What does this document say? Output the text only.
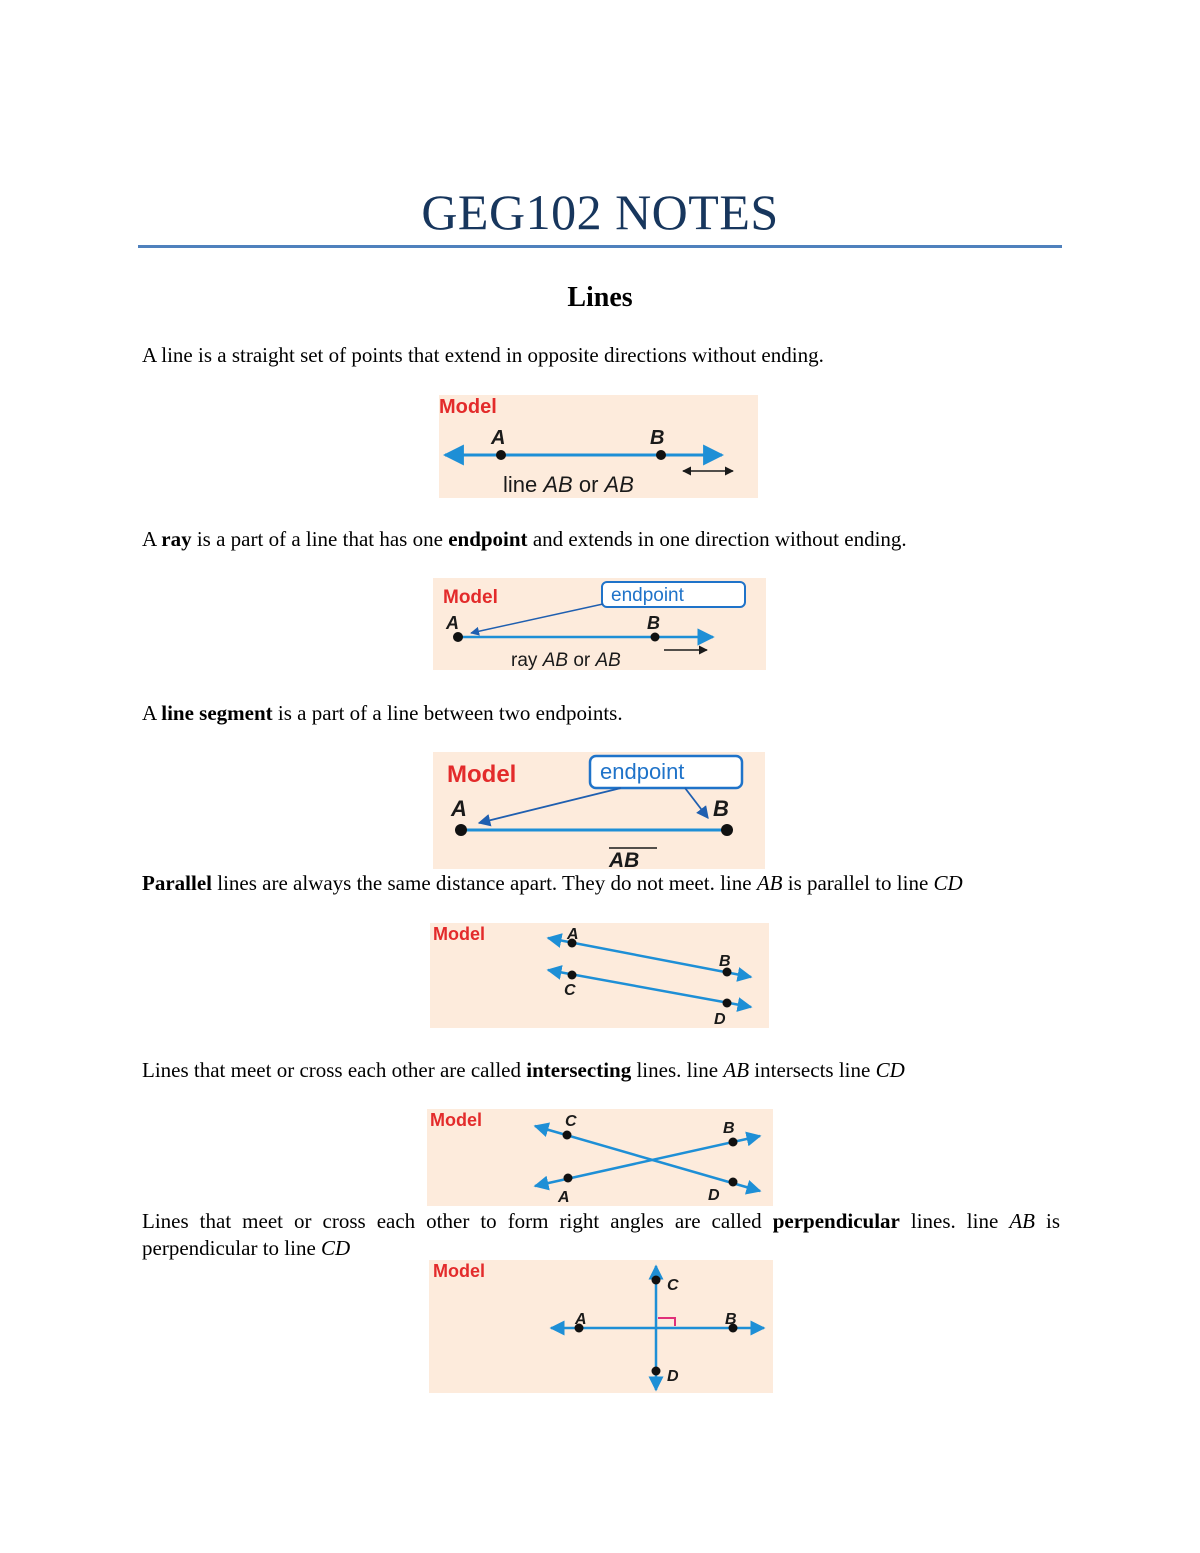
GEG102 NOTES
Lines

A line is a straight set of points that extend in opposite directions without ending.

Model
A	B
line AB or AB

A ray is a part of a line that has one endpoint and extends in one direction without ending.

Model	endpoint
A	B
ray AB or AB

A line segment is a part of a line between two endpoints.

Model	endpoint
A	B
AB

Parallel lines are always the same distance apart. They do not meet. line AB is parallel to line CD

Model	A
B
C
D

Lines that meet or cross each other are called intersecting lines. line AB intersects line CD

Model
A
B
C
D

Lines that meet or cross each other to form right angles are called perpendicular lines. line AB is perpendicular to line CD

Model
A	B
C
D
